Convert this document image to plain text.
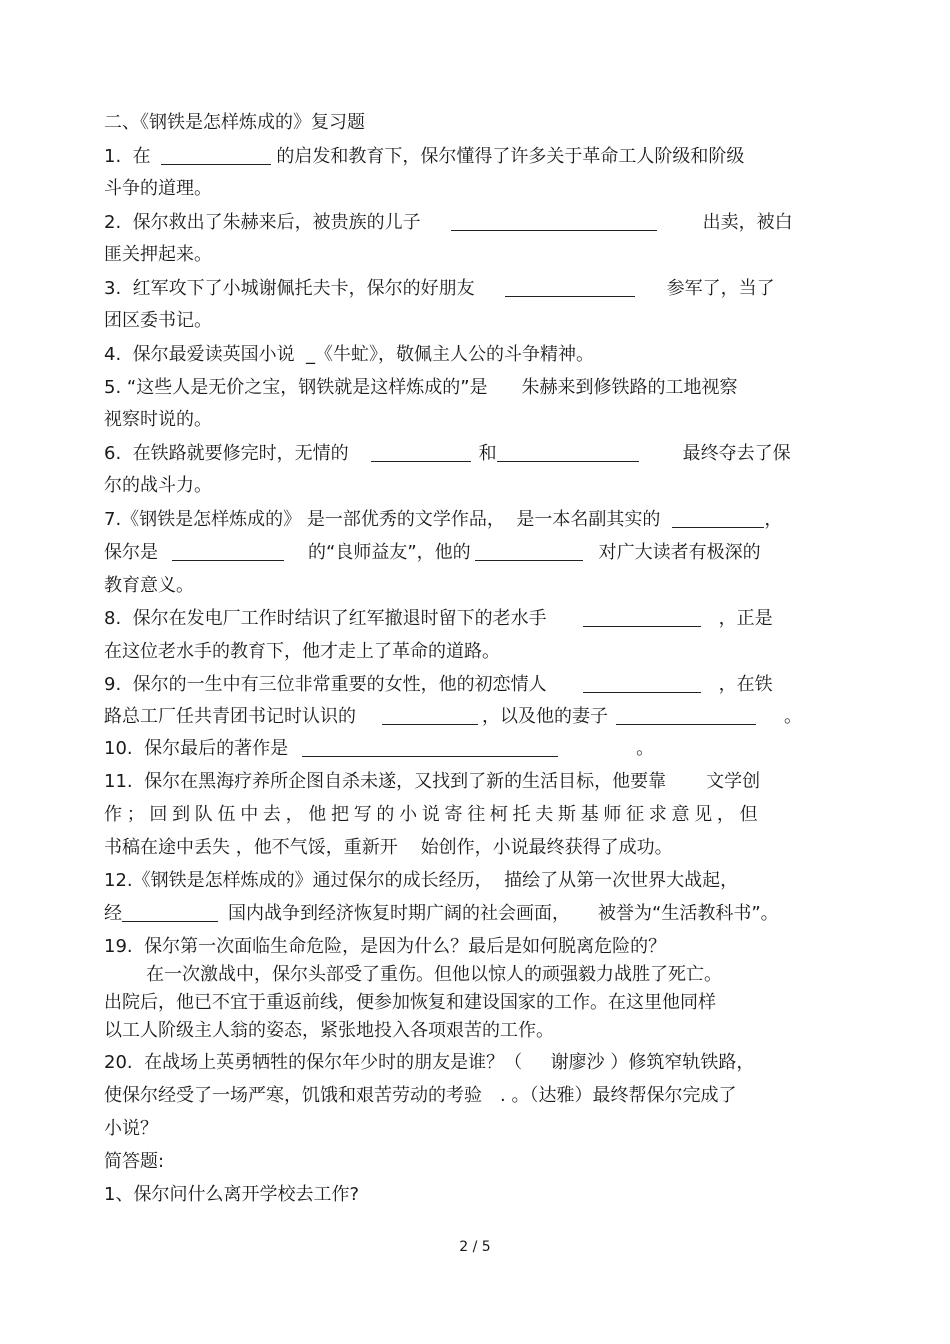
二、《钢铁是怎样炼成的》复习题
1.  在	的启发和教育下，保尔懂得了许多关于革命工人阶级和阶级
斗争的道理。
2.  保尔救出了朱赫来后，被贵族的儿子	出卖，被白
匪关押起来。
3.  红军攻下了小城谢佩托夫卡，保尔的好朋友	参军了，当了
团区委书记。
4.  保尔最爱读英国小说  _《牛虻》，敬佩主人公的斗争精神。
5. “这些人是无价之宝，钢铁就是这样炼成的”是 朱赫来到修铁路的工地视察
视察时说的。
6.  在铁路就要修完时，无情的	和	最终夺去了保
尔的战斗力。
7.《钢铁是怎样炼成的》 是一部优秀的文学作品，  是一本名副其实的	，
保尔是	的“良师益友”，他的	对广大读者有极深的
教育意义。
8.  保尔在发电厂工作时结识了红军撤退时留下的老水手	，正是
在这位老水手的教育下，他才走上了革命的道路。
9.  保尔的一生中有三位非常重要的女性，他的初恋情人	，在铁
路总工厂任共青团书记时认识的	，以及他的妻子	。
10.  保尔最后的著作是	。
11.  保尔在黑海疗养所企图自杀未遂，又找到了新的生活目标，他要靠 文学创
作；回到队伍中去，他把写的小说寄往柯托夫斯基师征求意见，但
书稿在途中丢失 ，他不气馁，重新开    始创作，小说最终获得了成功。
12.《钢铁是怎样炼成的》通过保尔的成长经历，  描绘了从第一次世界大战起，
经	国内战争到经济恢复时期广阔的社会画面， 被誉为“生活教科书”。
19.  保尔第一次面临生命危险，是因为什么？最后是如何脱离危险的？
在一次激战中，保尔头部受了重伤。但他以惊人的顽强毅力战胜了死亡。
出院后，他已不宜于重返前线，便参加恢复和建设国家的工作。在这里他同样
以工人阶级主人翁的姿态，紧张地投入各项艰苦的工作。
20.  在战场上英勇牺牲的保尔年少时的朋友是谁？（     谢廖沙 ）修筑窄轨铁路，
使保尔经受了一场严寒，饥饿和艰苦劳动的考验 . 。（达雅）最终帮保尔完成了
小说？
简答题:
1、保尔问什么离开学校去工作?
2 / 5
